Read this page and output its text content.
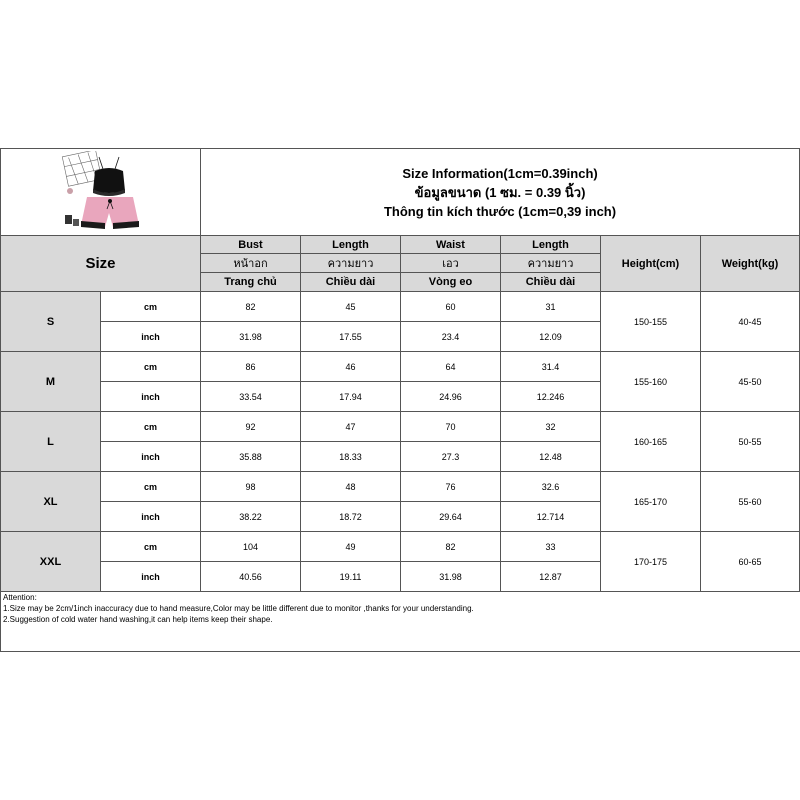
Size Information(1cm=0.39inch)
ข้อมูลขนาด (1 ซม. = 0.39 นิ้ว)
Thông tin kích thước (1cm=0,39 inch)					

Size		Bust	Length	Waist	Length	Height(cm)	Weight(kg)
		หน้าอก	ความยาว	เอว	ความยาว		
		Trang chủ	Chiều dài	Vòng eo	Chiều dài		
S	cm	82	45	60	31	150-155	40-45
	inch	31.98	17.55	23.4	12.09		
M	cm	86	46	64	31.4	155-160	45-50
	inch	33.54	17.94	24.96	12.246		
L	cm	92	47	70	32	160-165	50-55
	inch	35.88	18.33	27.3	12.48		
XL	cm	98	48	76	32.6	165-170	55-60
	inch	38.22	18.72	29.64	12.714		
XXL	cm	104	49	82	33	170-175	60-65
	inch	40.56	19.11	31.98	12.87		
Attention:
1.Size may be 2cm/1inch inaccuracy due to hand measure,Color may be little different due to monitor ,thanks for your understanding.
2.Suggestion of cold water hand washing,it can help items keep their shape.
